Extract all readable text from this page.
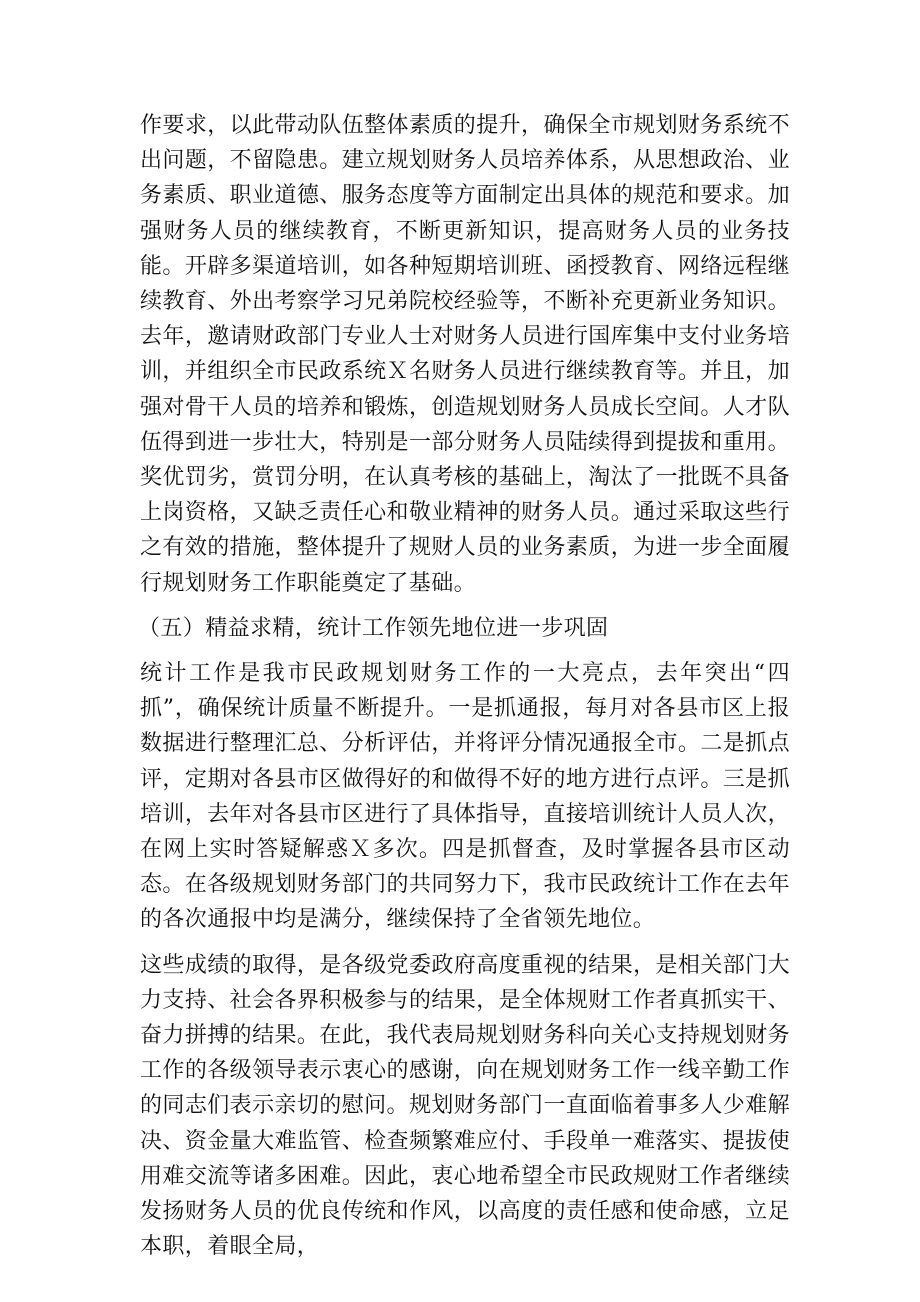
作要求，以此带动队伍整体素质的提升，确保全市规划财务系统不出问题，不留隐患。建立规划财务人员培养体系，从思想政治、业务素质、职业道德、服务态度等方面制定出具体的规范和要求。加强财务人员的继续教育，不断更新知识，提高财务人员的业务技能。开辟多渠道培训，如各种短期培训班、函授教育、网络远程继续教育、外出考察学习兄弟院校经验等，不断补充更新业务知识。去年，邀请财政部门专业人士对财务人员进行国库集中支付业务培训，并组织全市民政系统Ｘ名财务人员进行继续教育等。并且，加强对骨干人员的培养和锻炼，创造规划财务人员成长空间。人才队伍得到进一步壮大，特别是一部分财务人员陆续得到提拔和重用。奖优罚劣，赏罚分明，在认真考核的基础上，淘汰了一批既不具备上岗资格，又缺乏责任心和敬业精神的财务人员。通过采取这些行之有效的措施，整体提升了规财人员的业务素质，为进一步全面履行规划财务工作职能奠定了基础。

（五）精益求精，统计工作领先地位进一步巩固

统计工作是我市民政规划财务工作的一大亮点，去年突出“四抓”，确保统计质量不断提升。一是抓通报，每月对各县市区上报数据进行整理汇总、分析评估，并将评分情况通报全市。二是抓点评，定期对各县市区做得好的和做得不好的地方进行点评。三是抓培训，去年对各县市区进行了具体指导，直接培训统计人员人次，在网上实时答疑解惑Ｘ多次。四是抓督查，及时掌握各县市区动态。在各级规划财务部门的共同努力下，我市民政统计工作在去年的各次通报中均是满分，继续保持了全省领先地位。

这些成绩的取得，是各级党委政府高度重视的结果，是相关部门大力支持、社会各界积极参与的结果，是全体规财工作者真抓实干、奋力拼搏的结果。在此，我代表局规划财务科向关心支持规划财务工作的各级领导表示衷心的感谢，向在规划财务工作一线辛勤工作的同志们表示亲切的慰问。规划财务部门一直面临着事多人少难解决、资金量大难监管、检查频繁难应付、手段单一难落实、提拔使用难交流等诸多困难。因此，衷心地希望全市民政规财工作者继续发扬财务人员的优良传统和作风，以高度的责任感和使命感，立足本职，着眼全局，
